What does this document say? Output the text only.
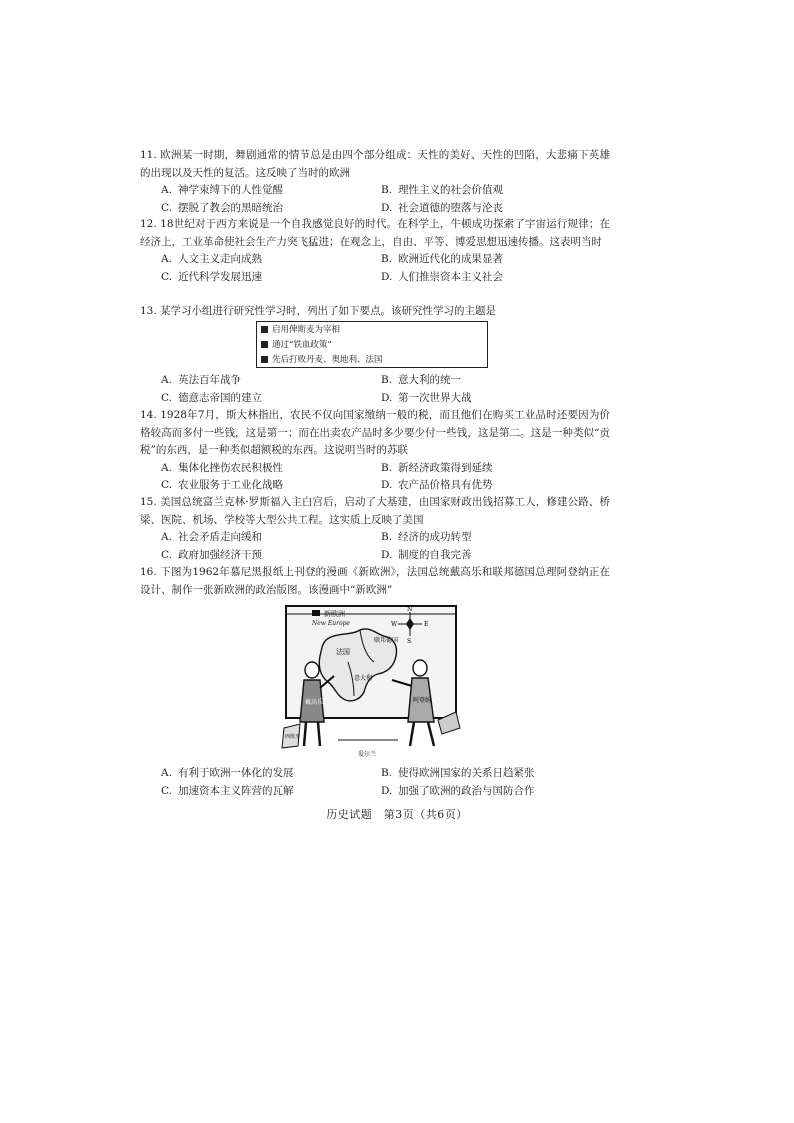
11. 欧洲某一时期，舞剧通常的情节总是由四个部分组成：天性的美好、天性的凹陷，大悲痛下英雄的出现以及天性的复活。这反映了当时的欧洲

A. 神学束缚下的人性觉醒	B. 理性主义的社会价值观
C. 摆脱了教会的黑暗统治	D. 社会道德的堕落与沦丧

12. 18世纪对于西方来说是一个自我感觉良好的时代。在科学上，牛顿成功探索了宇宙运行规律；在经济上，工业革命使社会生产力突飞猛进；在观念上，自由、平等、博爱思想迅速传播。这表明当时

A. 人文主义走向成熟	B. 欧洲近代化的成果显著
C. 近代科学发展迅速	D. 人们推崇资本主义社会

13. 某学习小组进行研究性学习时，列出了如下要点。该研究性学习的主题是

启用俾斯麦为宰相
通过“铁血政策”
先后打败丹麦、奥地利、法国
A. 英法百年战争	B. 意大利的统一
C. 德意志帝国的建立	D. 第一次世界大战

14. 1928年7月，斯大林指出，农民不仅向国家缴纳一般的税，而且他们在购买工业品时还要因为价格较高而多付一些钱，这是第一；而在出卖农产品时多少要少付一些钱，这是第二。这是一种类似“贡税”的东西，是一种类似超额税的东西。这说明当时的苏联

A. 集体化挫伤农民积极性	B. 新经济政策得到延续
C. 农业服务于工业化战略	D. 农产品价格具有优势

15. 美国总统富兰克林·罗斯福入主白宫后，启动了大基建，由国家财政出钱招募工人，修建公路、桥梁、医院、机场、学校等大型公共工程。这实质上反映了美国

A. 社会矛盾走向缓和	B. 经济的成功转型
C. 政府加强经济干预	D. 制度的自我完善

16. 下图为1962年慕尼黑报纸上刊登的漫画《新欧洲》，法国总统戴高乐和联邦德国总理阿登纳正在设计、制作一张新欧洲的政治版图。该漫画中“新欧洲”

新欧洲
New Europe
N
W	E
S
法国
联邦德国
意大利
戴高乐	阿登纳
西班牙
爱尔兰
A. 有利于欧洲一体化的发展	B. 使得欧洲国家的关系日趋紧张
C. 加速资本主义阵营的瓦解	D. 加强了欧洲的政治与国防合作
历史试题　第3页（共6页）
